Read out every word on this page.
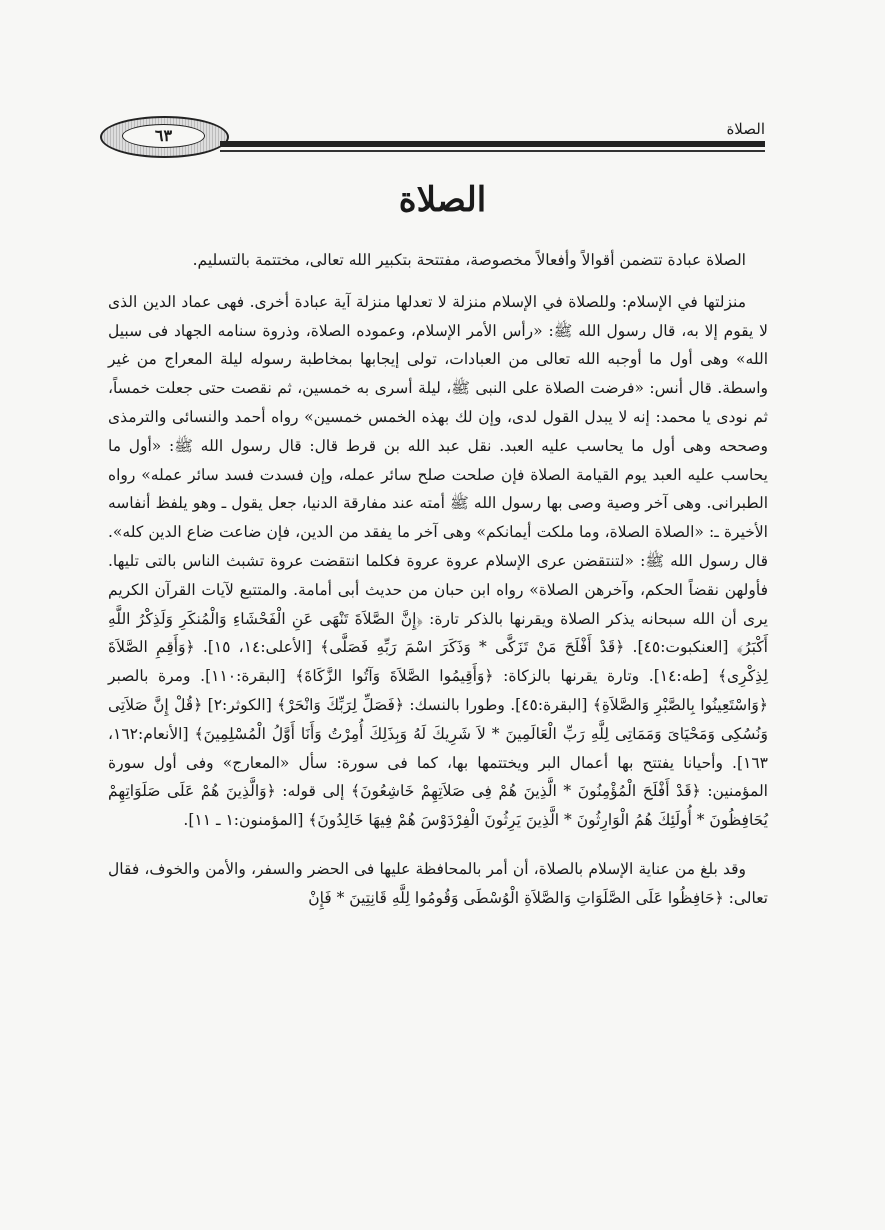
٦٣	الصلاة
الصلاة

الصلاة عبادة تتضمن أقوالاً وأفعالاً مخصوصة، مفتتحة بتكبير الله تعالى، مختتمة بالتسليم.

منزلتها في الإسلام: وللصلاة في الإسلام منزلة لا تعدلها منزلة آية عبادة أخرى. فهى عماد الدين الذى لا يقوم إلا به، قال رسول الله ﷺ: «رأس الأمر الإسلام، وعموده الصلاة، وذروة سنامه الجهاد فى سبيل الله» وهى أول ما أوجبه الله تعالى من العبادات، تولى إيجابها بمخاطبة رسوله ليلة المعراج من غير واسطة. قال أنس: «فرضت الصلاة على النبى ﷺ، ليلة أسرى به خمسين، ثم نقصت حتى جعلت خمساً، ثم نودى يا محمد: إنه لا يبدل القول لدى، وإن لك بهذه الخمس خمسين» رواه أحمد والنسائى والترمذى وصححه وهى أول ما يحاسب عليه العبد. نقل عبد الله بن قرط قال: قال رسول الله ﷺ: «أول ما يحاسب عليه العبد يوم القيامة الصلاة فإن صلحت صلح سائر عمله، وإن فسدت فسد سائر عمله» رواه الطبرانى. وهى آخر وصية وصى بها رسول الله ﷺ أمته عند مفارقة الدنيا، جعل يقول ـ وهو يلفظ أنفاسه الأخيرة ـ: «الصلاة الصلاة، وما ملكت أيمانكم» وهى آخر ما يفقد من الدين، فإن ضاعت ضاع الدين كله». قال رسول الله ﷺ: «لتنتقضن عرى الإسلام عروة عروة فكلما انتقضت عروة تشبث الناس بالتى تليها. فأولهن نقضاً الحكم، وآخرهن الصلاة» رواه ابن حبان من حديث أبى أمامة. والمتتبع لآيات القرآن الكريم يرى أن الله سبحانه يذكر الصلاة ويقرنها بالذكر تارة: ﴿إِنَّ الصَّلاَةَ تَنْهَى عَنِ الْفَحْشَاءِ وَالْمُنكَرِ وَلَذِكْرُ اللَّهِ أَكْبَرُ﴾ [العنكبوت:٤٥]. ﴿قَدْ أَفْلَحَ مَنْ تَزَكَّى * وَذَكَرَ اسْمَ رَبِّهِ فَصَلَّى﴾ [الأعلى:١٤، ١٥]. ﴿وَأَقِمِ الصَّلاَةَ لِذِكْرِى﴾ [طه:١٤]. وتارة يقرنها بالزكاة: ﴿وَأَقِيمُوا الصَّلاَةَ وَآتُوا الزَّكَاةَ﴾ [البقرة:١١٠]. ومرة بالصبر ﴿وَاسْتَعِينُوا بِالصَّبْرِ وَالصَّلاَةِ﴾ [البقرة:٤٥]. وطورا بالنسك: ﴿فَصَلِّ لِرَبِّكَ وَانْحَرْ﴾ [الكوثر:٢] ﴿قُلْ إِنَّ صَلاَتِى وَنُسُكِى وَمَحْيَاىَ وَمَمَاتِى لِلَّهِ رَبِّ الْعَالَمِينَ * لاَ شَرِيكَ لَهُ وَبِذَلِكَ أُمِرْتُ وَأَنَا أَوَّلُ الْمُسْلِمِينَ﴾ [الأنعام:١٦٢، ١٦٣]. وأحيانا يفتتح بها أعمال البر ويختتمها بها، كما فى سورة: سأل «المعارج» وفى أول سورة المؤمنين: ﴿قَدْ أَفْلَحَ الْمُؤْمِنُونَ * الَّذِينَ هُمْ فِى صَلاَتِهِمْ خَاشِعُونَ﴾ إلى قوله: ﴿وَالَّذِينَ هُمْ عَلَى صَلَوَاتِهِمْ يُحَافِظُونَ * أُولَئِكَ هُمُ الْوَارِثُونَ * الَّذِينَ يَرِثُونَ الْفِرْدَوْسَ هُمْ فِيهَا خَالِدُونَ﴾ [المؤمنون:١ ـ ١١].

وقد بلغ من عناية الإسلام بالصلاة، أن أمر بالمحافظة عليها فى الحضر والسفر، والأمن والخوف، فقال تعالى: ﴿حَافِظُوا عَلَى الصَّلَوَاتِ وَالصَّلاَةِ الْوُسْطَى وَقُومُوا لِلَّهِ قَانِتِينَ * فَإِنْ
